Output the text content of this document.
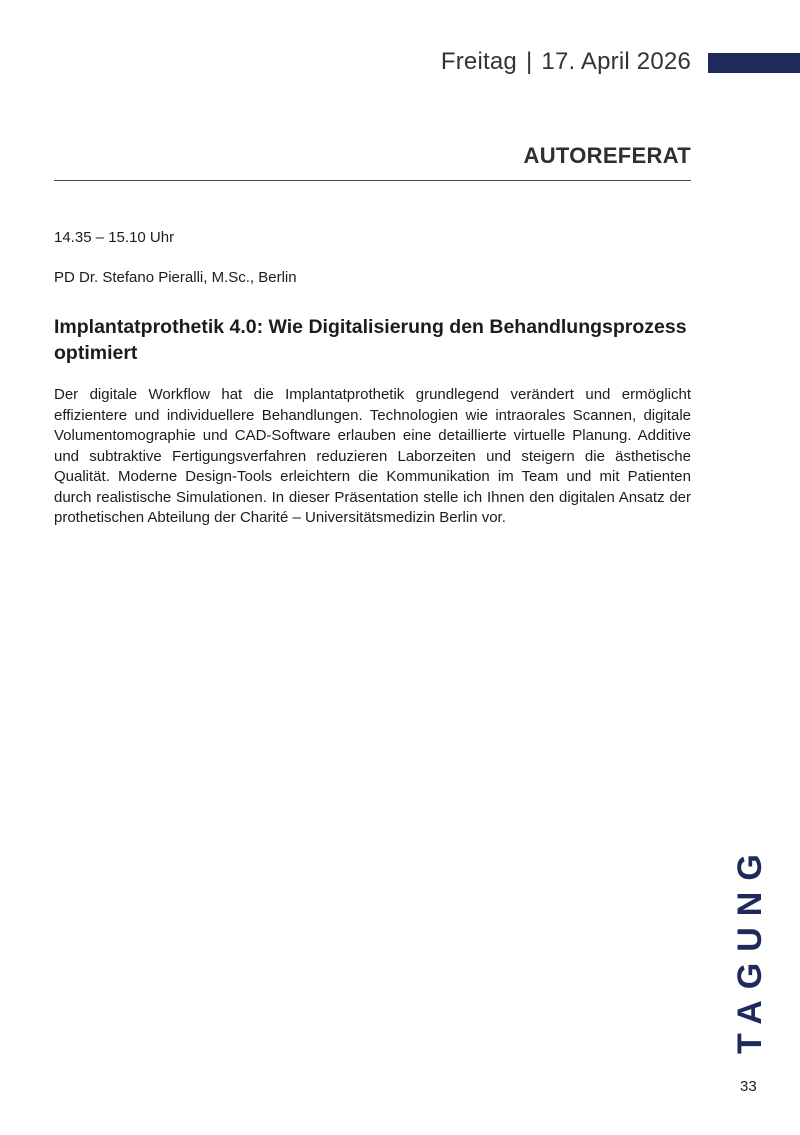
Freitag | 17. April 2026
AUTOREFERAT
14.35 – 15.10 Uhr
PD Dr. Stefano Pieralli, M.Sc., Berlin
Implantatprothetik 4.0: Wie Digitalisierung den Behandlungsprozess optimiert

Der digitale Workflow hat die Implantatprothetik grundlegend verändert und ermöglicht effizientere und individuellere Behandlungen. Technologien wie intraorales Scannen, digitale Volumentomographie und CAD-Software erlauben eine detaillierte virtuelle Planung. Additive und subtraktive Fertigungsverfahren reduzieren Laborzeiten und steigern die ästhetische Qualität. Moderne Design-Tools erleichtern die Kommunikation im Team und mit Patienten durch realistische Simulationen. In dieser Präsentation stelle ich Ihnen den digitalen Ansatz der prothetischen Abteilung der Charité – Universitätsmedizin Berlin vor.

TAGUNG
33
